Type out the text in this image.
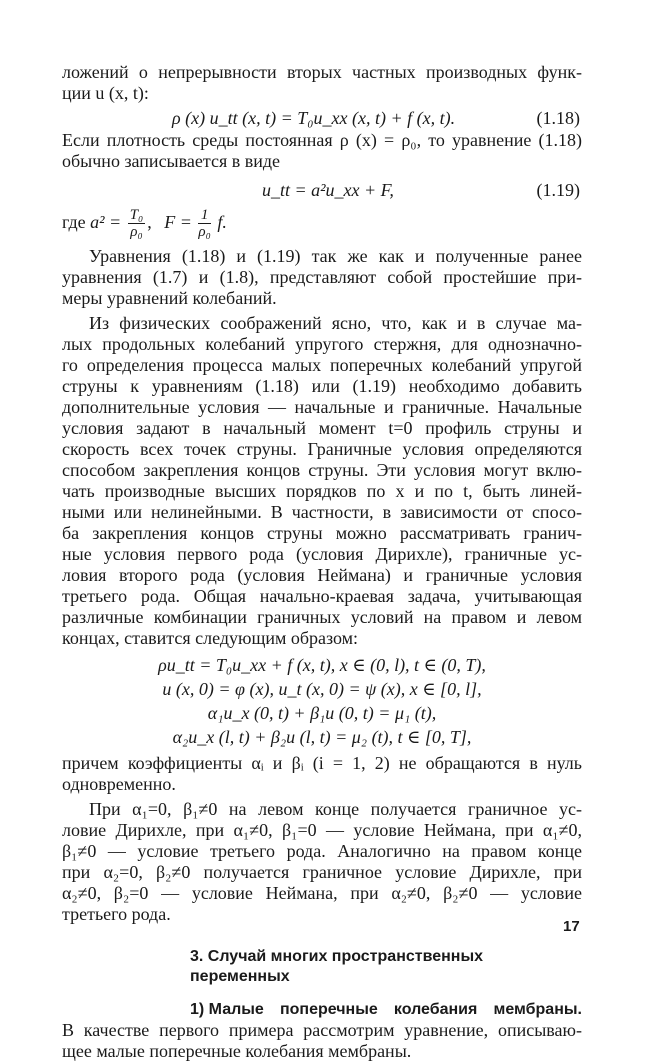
ложений о непрерывности вторых частных производных функ-
ции u (x, t):
ρ (x) u_tt (x, t) = T₀u_xx (x, t) + f (x, t).	(1.18)
Если плотность среды постоянная ρ (x) = ρ₀, то уравнение (1.18)
обычно записывается в виде
u_tt = a²u_xx + F,	(1.19)
где $a^2 = \frac{\text{T₀}}{\text{ρ₀}}$ , $F = \frac{1}{\text{ρ₀}} f$.
Уравнения (1.18) и (1.19) так же как и полученные ранее
уравнения (1.7) и (1.8), представляют собой простейшие при-
меры уравнений колебаний.
Из физических соображений ясно, что, как и в случае ма-
лых продольных колебаний упругого стержня, для однозначно-
го определения процесса малых поперечных колебаний упругой
струны к уравнениям (1.18) или (1.19) необходимо добавить
дополнительные условия — начальные и граничные. Начальные
условия задают в начальный момент t=0 профиль струны и
скорость всех точек струны. Граничные условия определяются
способом закрепления концов струны. Эти условия могут вклю-
чать производные высших порядков по x и по t, быть линей-
ными или нелинейными. В частности, в зависимости от спосо-
ба закрепления концов струны можно рассматривать гранич-
ные условия первого рода (условия Дирихле), граничные ус-
ловия второго рода (условия Неймана) и граничные условия
третьего рода. Общая начально-краевая задача, учитывающая
различные комбинации граничных условий на правом и левом
концах, ставится следующим образом:
ρu_tt = T₀u_xx + f (x, t), x ∈ (0, l), t ∈ (0, T),
u (x, 0) = φ (x), u_t (x, 0) = ψ (x), x ∈ [0, l],
α₁u_x (0, t) + β₁u (0, t) = μ₁ (t),
α₂u_x (l, t) + β₂u (l, t) = μ₂ (t), t ∈ [0, T],
причем коэффициенты αᵢ и βᵢ (i = 1, 2) не обращаются в нуль
одновременно.
При α₁=0, β₁≠0 на левом конце получается граничное ус-
ловие Дирихле, при α₁≠0, β₁=0 — условие Неймана, при α₁≠0,
β₁≠0 — условие третьего рода. Аналогично на правом конце
при α₂=0, β₂≠0 получается граничное условие Дирихле, при
α₂≠0, β₂=0 — условие Неймана, при α₂≠0, β₂≠0 — условие
третьего рода.
3. Случай многих пространственных
переменных
1) Малые поперечные колебания мембраны.
В качестве первого примера рассмотрим уравнение, описываю-
щее малые поперечные колебания мембраны.
17
